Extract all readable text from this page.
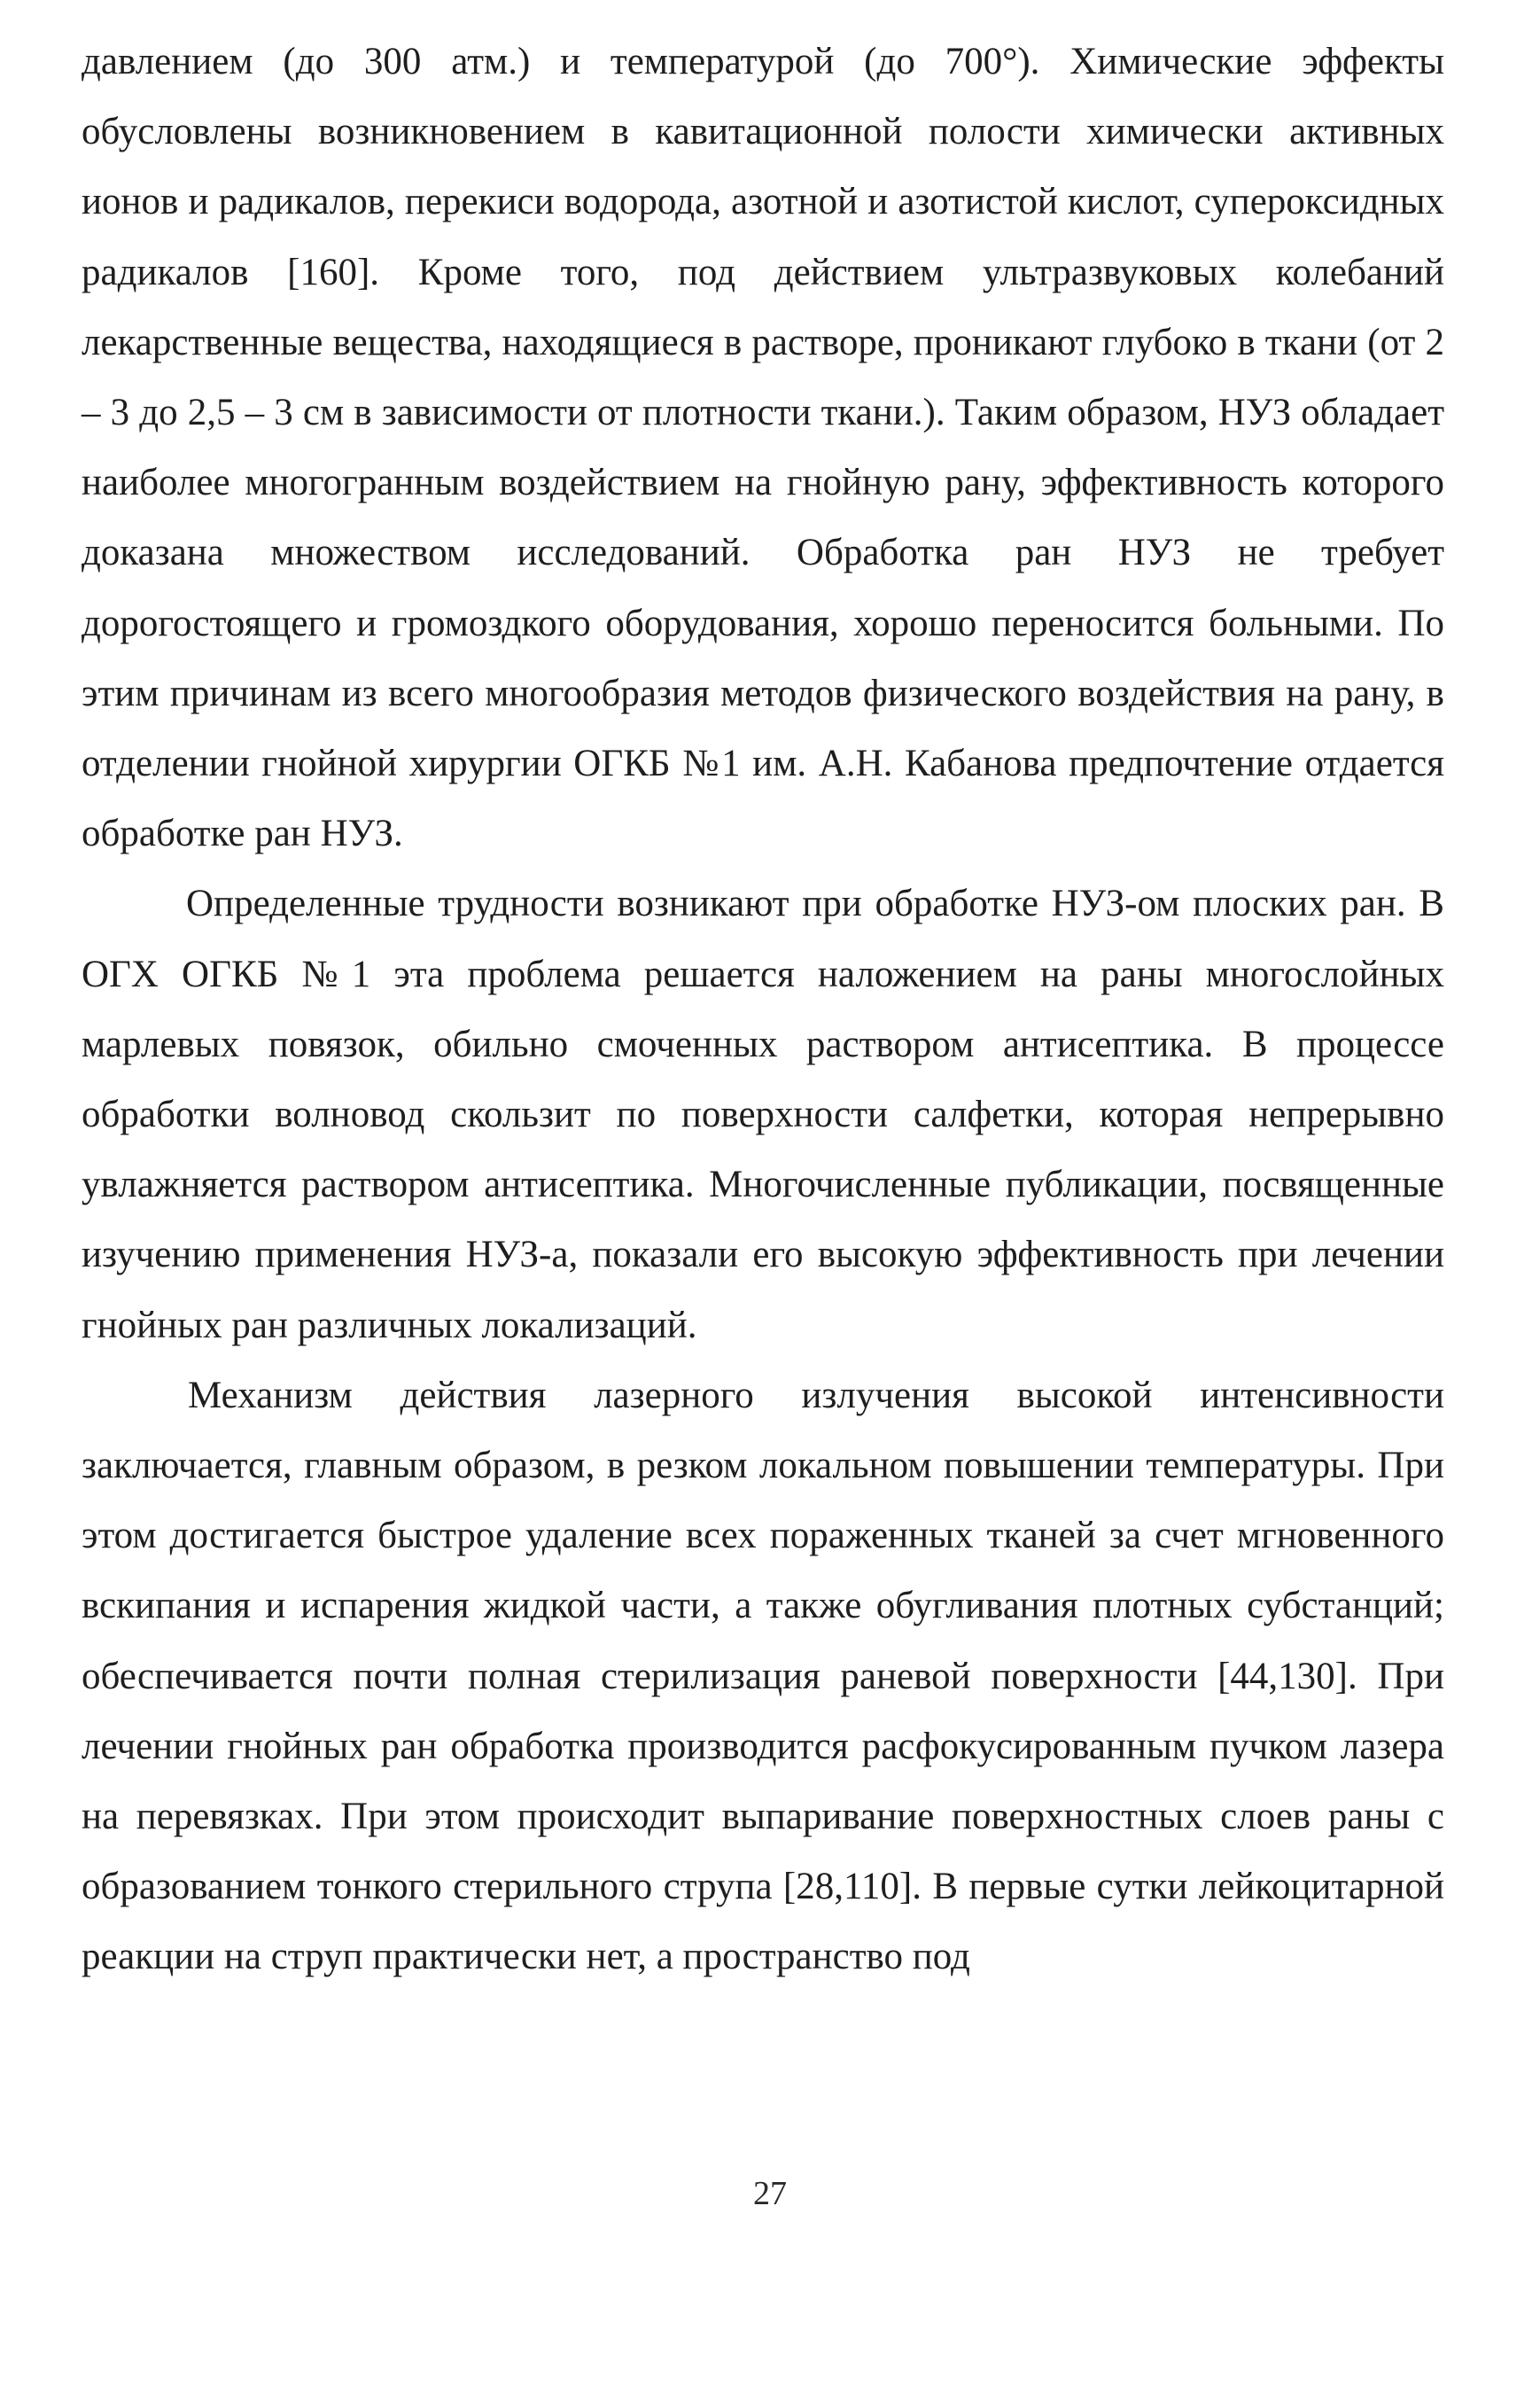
давлением (до 300 атм.) и температурой (до 700°). Химические эффекты обусловлены возникновением в кавитационной полости химически активных ионов и радикалов, перекиси водорода, азотной и азотистой кислот, супероксидных радикалов [160]. Кроме того, под действием ультразвуковых колебаний лекарственные вещества, находящиеся в растворе, проникают глубоко в ткани (от 2 – 3 до 2,5 – 3 см в зависимости от плотности ткани.). Таким образом, НУЗ обладает наиболее многогранным воздействием на гнойную рану, эффективность которого доказана множеством исследований. Обработка ран НУЗ не требует дорогостоящего и громоздкого оборудования, хорошо переносится больными. По этим причинам из всего многообразия методов физического воздействия на рану, в отделении гнойной хирургии ОГКБ №1 им. А.Н. Кабанова предпочтение отдается обработке ран НУЗ.

Определенные трудности возникают при обработке НУЗ-ом плоских ран. В ОГХ ОГКБ №1 эта проблема решается наложением на раны многослойных марлевых повязок, обильно смоченных раствором антисептика. В процессе обработки волновод скользит по поверхности салфетки, которая непрерывно увлажняется раствором антисептика. Многочисленные публикации, посвященные изучению применения НУЗ-а, показали его высокую эффективность при лечении гнойных ран различных локализаций.

Механизм действия лазерного излучения высокой интенсивности заключается, главным образом, в резком локальном повышении температуры. При этом достигается быстрое удаление всех пораженных тканей за счет мгновенного вскипания и испарения жидкой части, а также обугливания плотных субстанций; обеспечивается почти полная стерилизация раневой поверхности [44,130]. При лечении гнойных ран обработка производится расфокусированным пучком лазера на перевязках. При этом происходит выпаривание поверхностных слоев раны с образованием тонкого стерильного струпа [28,110]. В первые сутки лейкоцитарной реакции на струп практически нет, а пространство под

27
